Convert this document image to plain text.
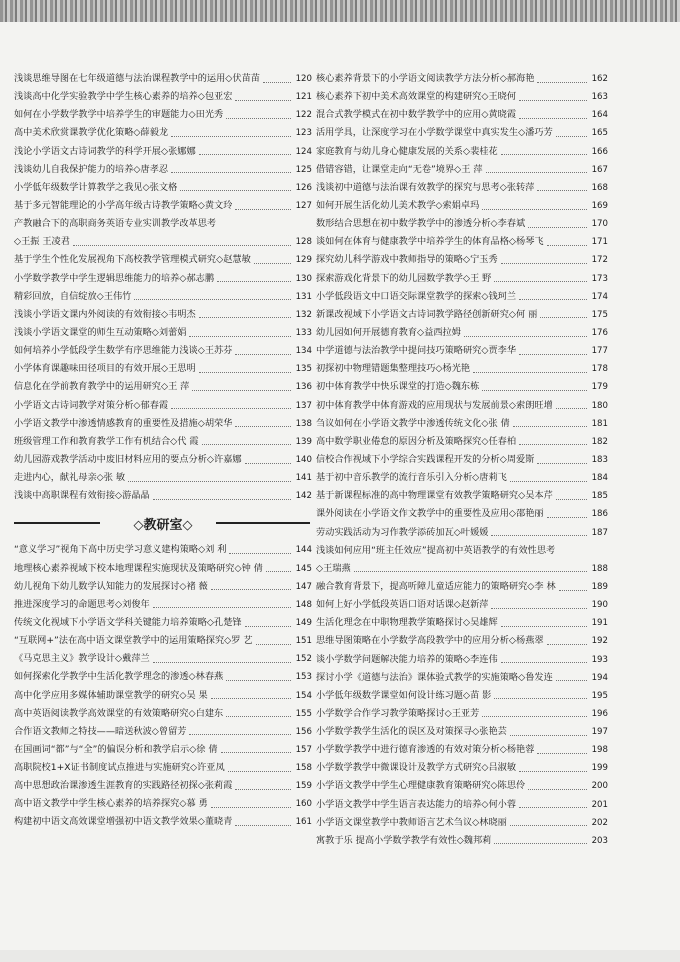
浅谈思维导图在七年级道德与法治课程教学中的运用◇伏苗苗	120
浅谈高中化学实验教学中学生核心素养的培养◇包亚宏	121
如何在小学数学教学中培养学生的审题能力◇田光秀	122
高中美术欣赏课教学优化策略◇薛毅龙	123
浅论小学语文古诗词教学的科学开展◇张娜娜	124
浅谈幼儿自我保护能力的培养◇唐孝忍	125
小学低年级数学计算教学之我见◇张文格	126
基于多元智能理论的小学高年级古诗教学策略◇黄文玲	127
产教融合下的高职商务英语专业实训教学改革思考
◇王振 王凌君	128
基于学生个性化发展视角下高校教学管理模式研究◇赵慧敏	129
小学数学教学中学生逻辑思维能力的培养◇郝志鹏	130
精彩回放，自信绽放◇王伟竹	131
浅谈小学语文课内外阅读的有效衔接◇韦明杰	132
浅谈小学语文课堂的师生互动策略◇刘蕾娟	133
如何培养小学低段学生数学有序思维能力浅谈◇王苏芬	134
小学体育课趣味田径项目的有效开展◇王思明	135
信息化在学前教育教学中的运用研究◇王 萍	136
小学语文古诗词教学对策分析◇郁春霞	137
小学语文教学中渗透情感教育的重要性及措施◇胡荣华	138
班级管理工作和教育教学工作有机结合◇代 霞	139
幼儿园游戏教学活动中废旧材料应用的要点分析◇许嘉娜	140
走进内心，献礼母亲◇张 敏	141
浅谈中高职课程有效衔接◇游晶晶	142
◇教研室◇
“意义学习”视角下高中历史学习意义建构策略◇刘 利	144
地理核心素养视域下校本地理课程实施现状及策略研究◇钟 倩	145
幼儿视角下幼儿数学认知能力的发展探讨◇褚 薇	147
推进深度学习的命题思考◇刘俊年	148
传统文化视域下小学语文学科关键能力培养策略◇孔楚锋	149
“互联网+”法在高中语文课堂教学中的运用策略探究◇罗 艺	151
《马克思主义》教学设计◇戴萍兰	152
如何探索化学教学中生活化教学理念的渗透◇林春燕	153
高中化学应用多媒体辅助课堂教学的研究◇吴 果	154
高中英语阅读教学高效课堂的有效策略研究◇白建东	155
合作语文教师之特技——暗送秋波◇曾留芳	156
在国画词“都”与“全”的偏误分析和教学启示◇徐 倩	157
高职院校1+X证书制度试点推进与实施研究◇许亚凤	158
高中思想政治课渗透生涯教育的实践路径初探◇张莉霞	159
高中语文教学中学生核心素养的培养探究◇慕 勇	160
构建初中语文高效课堂增强初中语文教学效果◇董晓青	161
核心素养背景下的小学语文阅读教学方法分析◇郝海艳	162
核心素养下初中美术高效课堂的构建研究◇王晓何	163
混合式教学模式在初中数学教学中的应用◇黄晓霞	164
活用学具，让深度学习在小学数学课堂中真实发生◇潘巧芳	165
家庭教育与幼儿身心健康发展的关系◇裴桂花	166
借错容错，让课堂走向“无卷”境界◇王 萍	167
浅谈初中道德与法治课有效教学的探究与思考◇张转萍	168
如何开展生活化幼儿美术教学◇索娟卓玛	169
数形结合思想在初中数学教学中的渗透分析◇李春斌	170
谈如何在体育与健康教学中培养学生的体育品格◇杨琴飞	171
探究幼儿科学游戏中教师指导的策略◇宁玉秀	172
探索游戏化背景下的幼儿园数学教学◇王 野	173
小学低段语文中口语交际课堂教学的探索◇钱珂兰	174
新课改视域下小学语文古诗词教学路径创新研究◇何 丽	175
幼儿园如何开展德育教育◇益西拉姆	176
中学道德与法治教学中提问技巧策略研究◇贾李华	177
初探初中物理错题集整理技巧◇杨光艳	178
初中体育教学中快乐课堂的打造◇魏东栋	179
初中体育教学中体育游戏的应用现状与发展前景◇索朗旺增	180
刍议如何在小学语文教学中渗透传统文化◇张 倩	181
高中数学职业倦怠的原因分析及策略探究◇任春柏	182
信校合作视域下小学综合实践课程开发的分析◇周爱斯	183
基于初中音乐教学的流行音乐引入分析◇唐莉飞	184
基于新课程标准的高中物理课堂有效教学策略研究◇吴本芹	185
课外阅读在小学语文作文教学中的重要性及应用◇邵艳丽	186
劳动实践活动为习作教学添砖加瓦◇叶媛媛	187
浅谈如何应用“班主任效应”提高初中英语教学的有效性思考
◇王瑞燕	188
融合教育背景下，提高听障儿童适应能力的策略研究◇李 林	189
如何上好小学低段英语口语对话课◇赵新萍	190
生活化理念在中职物理教学策略探讨◇吴雄辉	191
思维导图策略在小学数学高段教学中的应用分析◇杨燕翠	192
谈小学数学问题解决能力培养的策略◇李连伟	193
探讨小学《道德与法治》课体验式教学的实施策略◇鲁发连	194
小学低年级数学课堂如何设计练习题◇苗 影	195
小学数学合作学习教学策略探讨◇王亚芳	196
小学数学教学生活化的误区及对策探寻◇张艳芸	197
小学数学教学中进行德育渗透的有效对策分析◇杨艳蓉	198
小学数学教学中微课设计及教学方式研究◇吕淑敏	199
小学语文教学中学生心理健康教育策略研究◇陈思伶	200
小学语文教学中学生语言表达能力的培养◇何小蓉	201
小学语文课堂教学中教师语言艺术刍议◇林晓丽	202
寓教于乐 提高小学数学教学有效性◇魏邦莉	203
